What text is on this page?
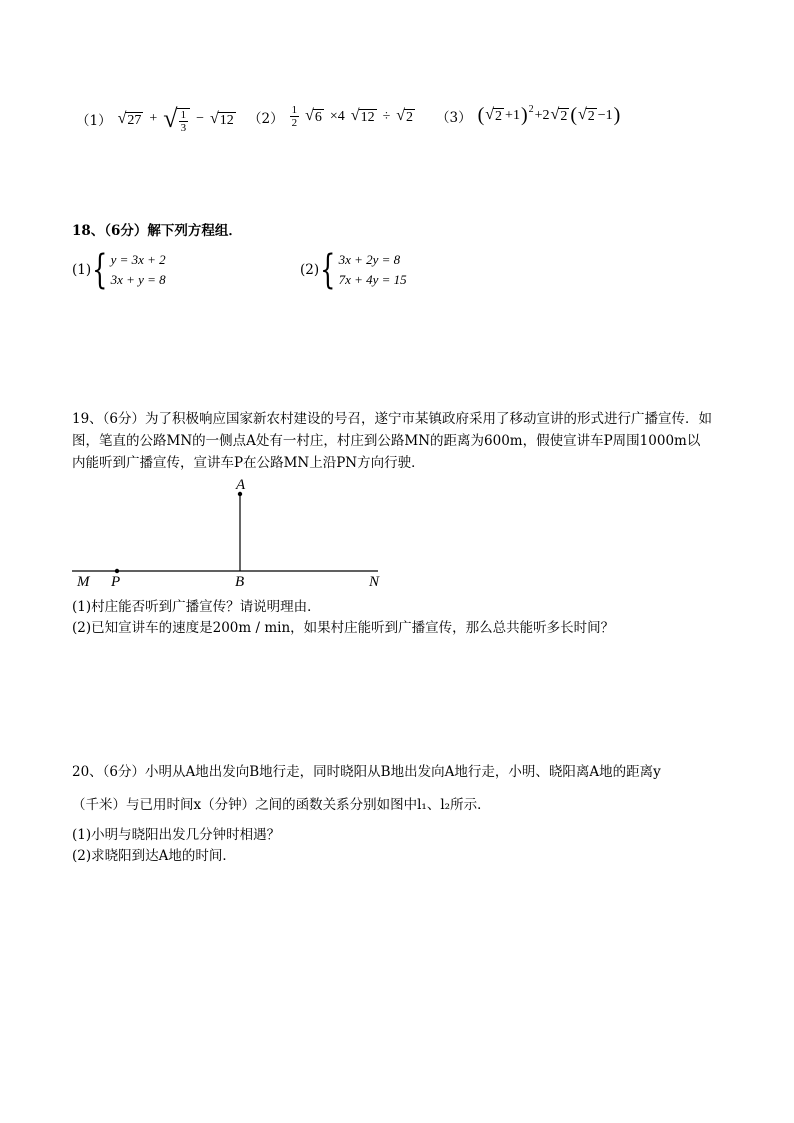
（1） √ 27 + √ $\frac{1}{3}$ − √ 12 $(2) \frac{1}{2}$ √ 6 ×4 √ 12 ÷ √ 2 （3） ( √ 2 +1 )$^2$ +2 √ 2 ( √ 2 −1 )
18、（6分）解下列方程组．
(1) { y = 3x + 2
3x + y = 8
(2) { 3x + 2y = 8
7x + 4y = 15
19、（6分）为了积极响应国家新农村建设的号召，遂宁市某镇政府采用了移动宣讲的形式进行广播宣传．如
图，笔直的公路MN的一侧点A处有一村庄，村庄到公路MN的距离为600m，假使宣讲车P周围1000m以
内能听到广播宣传，宣讲车P在公路MN上沿PN方向行驶．
A
M P	B	N
(1)村庄能否听到广播宣传？请说明理由．
(2)已知宣讲车的速度是200m / min，如果村庄能听到广播宣传，那么总共能听多长时间？
20、（6分）小明从A地出发向B地行走，同时晓阳从B地出发向A地行走，小明、晓阳离A地的距离y
（千米）与已用时间x（分钟）之间的函数关系分别如图中l₁、l₂所示．
(1)小明与晓阳出发几分钟时相遇？
(2)求晓阳到达A地的时间．
